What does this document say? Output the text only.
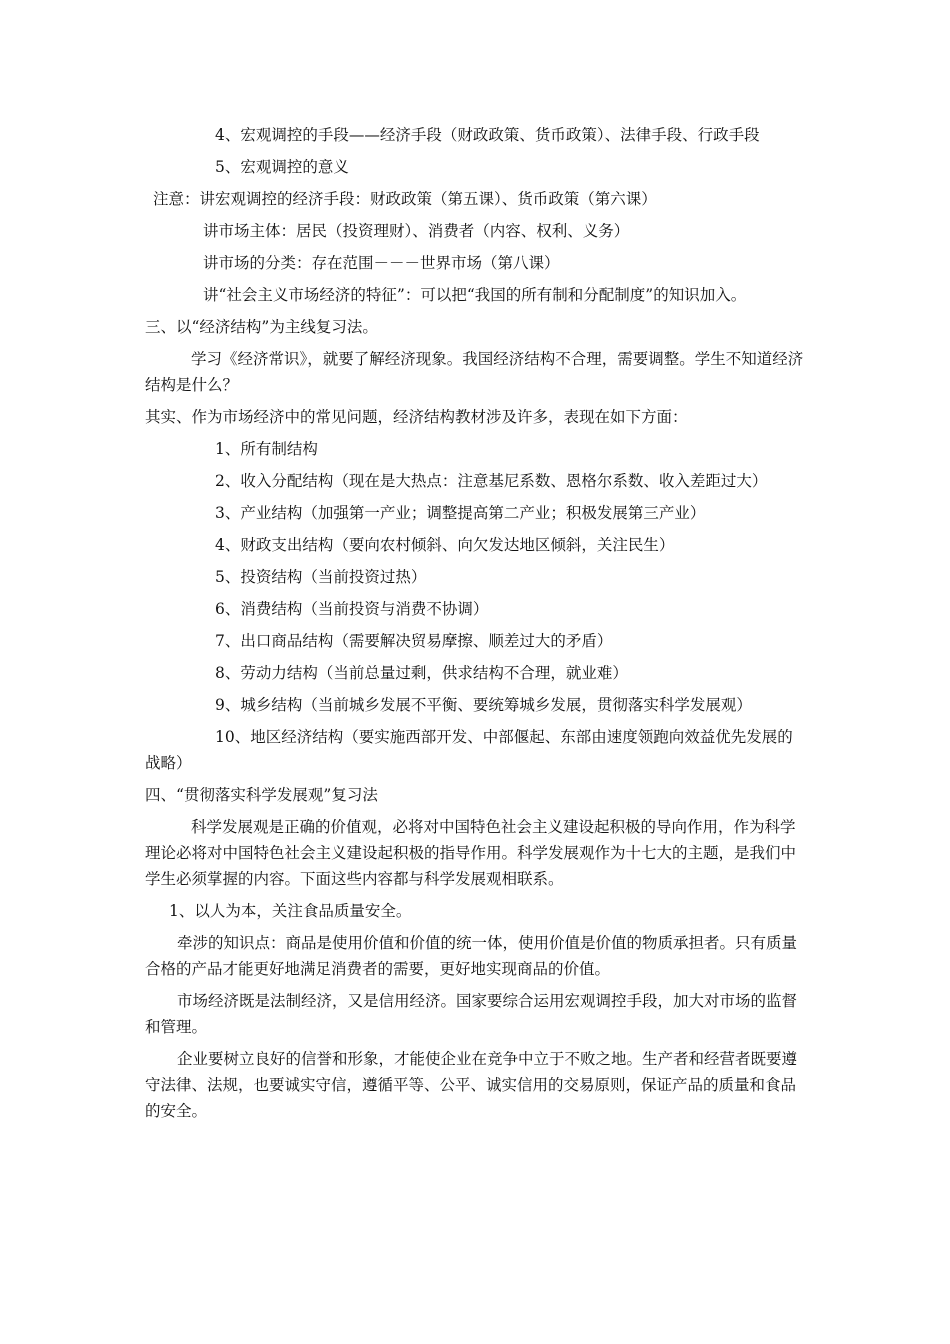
4、宏观调控的手段——经济手段（财政政策、货币政策）、法律手段、行政手段

5、宏观调控的意义

注意：讲宏观调控的经济手段：财政政策（第五课）、货币政策（第六课）

讲市场主体：居民（投资理财）、消费者（内容、权利、义务）

讲市场的分类：存在范围－－－世界市场（第八课）

讲“社会主义市场经济的特征”：可以把“我国的所有制和分配制度”的知识加入。

三、以“经济结构”为主线复习法。

学习《经济常识》，就要了解经济现象。我国经济结构不合理，需要调整。学生不知道经济结构是什么？

其实、作为市场经济中的常见问题，经济结构教材涉及许多，表现在如下方面：

1、所有制结构

2、收入分配结构（现在是大热点：注意基尼系数、恩格尔系数、收入差距过大）

3、产业结构（加强第一产业；调整提高第二产业；积极发展第三产业）

4、财政支出结构（要向农村倾斜、向欠发达地区倾斜，关注民生）

5、投资结构（当前投资过热）

6、消费结构（当前投资与消费不协调）

7、出口商品结构（需要解决贸易摩擦、顺差过大的矛盾）

8、劳动力结构（当前总量过剩，供求结构不合理，就业难）

9、城乡结构（当前城乡发展不平衡、要统筹城乡发展，贯彻落实科学发展观）

10、地区经济结构（要实施西部开发、中部偃起、东部由速度领跑向效益优先发展的战略）

四、“贯彻落实科学发展观”复习法

科学发展观是正确的价值观，必将对中国特色社会主义建设起积极的导向作用，作为科学理论必将对中国特色社会主义建设起积极的指导作用。科学发展观作为十七大的主题，是我们中学生必须掌握的内容。下面这些内容都与科学发展观相联系。

1、以人为本，关注食品质量安全。

牵涉的知识点：商品是使用价值和价值的统一体，使用价值是价值的物质承担者。只有质量合格的产品才能更好地满足消费者的需要，更好地实现商品的价值。

市场经济既是法制经济，又是信用经济。国家要综合运用宏观调控手段，加大对市场的监督和管理。

企业要树立良好的信誉和形象，才能使企业在竞争中立于不败之地。生产者和经营者既要遵守法律、法规，也要诚实守信，遵循平等、公平、诚实信用的交易原则，保证产品的质量和食品的安全。
